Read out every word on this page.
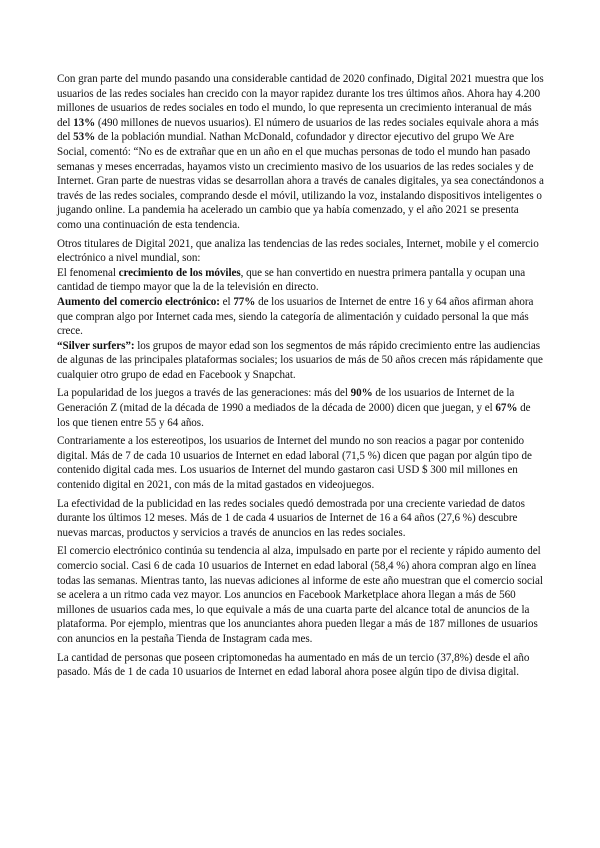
Con gran parte del mundo pasando una considerable cantidad de 2020 confinado, Digital 2021 muestra que los usuarios de las redes sociales han crecido con la mayor rapidez durante los tres últimos años. Ahora hay 4.200 millones de usuarios de redes sociales en todo el mundo, lo que representa un crecimiento interanual de más del 13% (490 millones de nuevos usuarios). El número de usuarios de las redes sociales equivale ahora a más del 53% de la población mundial. Nathan McDonald, cofundador y director ejecutivo del grupo We Are Social, comentó: “No es de extrañar que en un año en el que muchas personas de todo el mundo han pasado semanas y meses encerradas, hayamos visto un crecimiento masivo de los usuarios de las redes sociales y de Internet. Gran parte de nuestras vidas se desarrollan ahora a través de canales digitales, ya sea conectándonos a través de las redes sociales, comprando desde el móvil, utilizando la voz, instalando dispositivos inteligentes o jugando online. La pandemia ha acelerado un cambio que ya había comenzado, y el año 2021 se presenta como una continuación de esta tendencia.

Otros titulares de Digital 2021, que analiza las tendencias de las redes sociales, Internet, mobile y el comercio electrónico a nivel mundial, son:

El fenomenal crecimiento de los móviles, que se han convertido en nuestra primera pantalla y ocupan una cantidad de tiempo mayor que la de la televisión en directo.

Aumento del comercio electrónico: el 77% de los usuarios de Internet de entre 16 y 64 años afirman ahora que compran algo por Internet cada mes, siendo la categoría de alimentación y cuidado personal la que más crece.

“Silver surfers”: los grupos de mayor edad son los segmentos de más rápido crecimiento entre las audiencias de algunas de las principales plataformas sociales; los usuarios de más de 50 años crecen más rápidamente que cualquier otro grupo de edad en Facebook y Snapchat.

La popularidad de los juegos a través de las generaciones: más del 90% de los usuarios de Internet de la Generación Z (mitad de la década de 1990 a mediados de la década de 2000) dicen que juegan, y el 67% de los que tienen entre 55 y 64 años.

Contrariamente a los estereotipos, los usuarios de Internet del mundo no son reacios a pagar por contenido digital. Más de 7 de cada 10 usuarios de Internet en edad laboral (71,5 %) dicen que pagan por algún tipo de contenido digital cada mes. Los usuarios de Internet del mundo gastaron casi USD $ 300 mil millones en contenido digital en 2021, con más de la mitad gastados en videojuegos.

La efectividad de la publicidad en las redes sociales quedó demostrada por una creciente variedad de datos durante los últimos 12 meses. Más de 1 de cada 4 usuarios de Internet de 16 a 64 años (27,6 %) descubre nuevas marcas, productos y servicios a través de anuncios en las redes sociales.

El comercio electrónico continúa su tendencia al alza, impulsado en parte por el reciente y rápido aumento del comercio social. Casi 6 de cada 10 usuarios de Internet en edad laboral (58,4 %) ahora compran algo en línea todas las semanas. Mientras tanto, las nuevas adiciones al informe de este año muestran que el comercio social se acelera a un ritmo cada vez mayor. Los anuncios en Facebook Marketplace ahora llegan a más de 560 millones de usuarios cada mes, lo que equivale a más de una cuarta parte del alcance total de anuncios de la plataforma. Por ejemplo, mientras que los anunciantes ahora pueden llegar a más de 187 millones de usuarios con anuncios en la pestaña Tienda de Instagram cada mes.

La cantidad de personas que poseen criptomonedas ha aumentado en más de un tercio (37,8%) desde el año pasado. Más de 1 de cada 10 usuarios de Internet en edad laboral ahora posee algún tipo de divisa digital.
